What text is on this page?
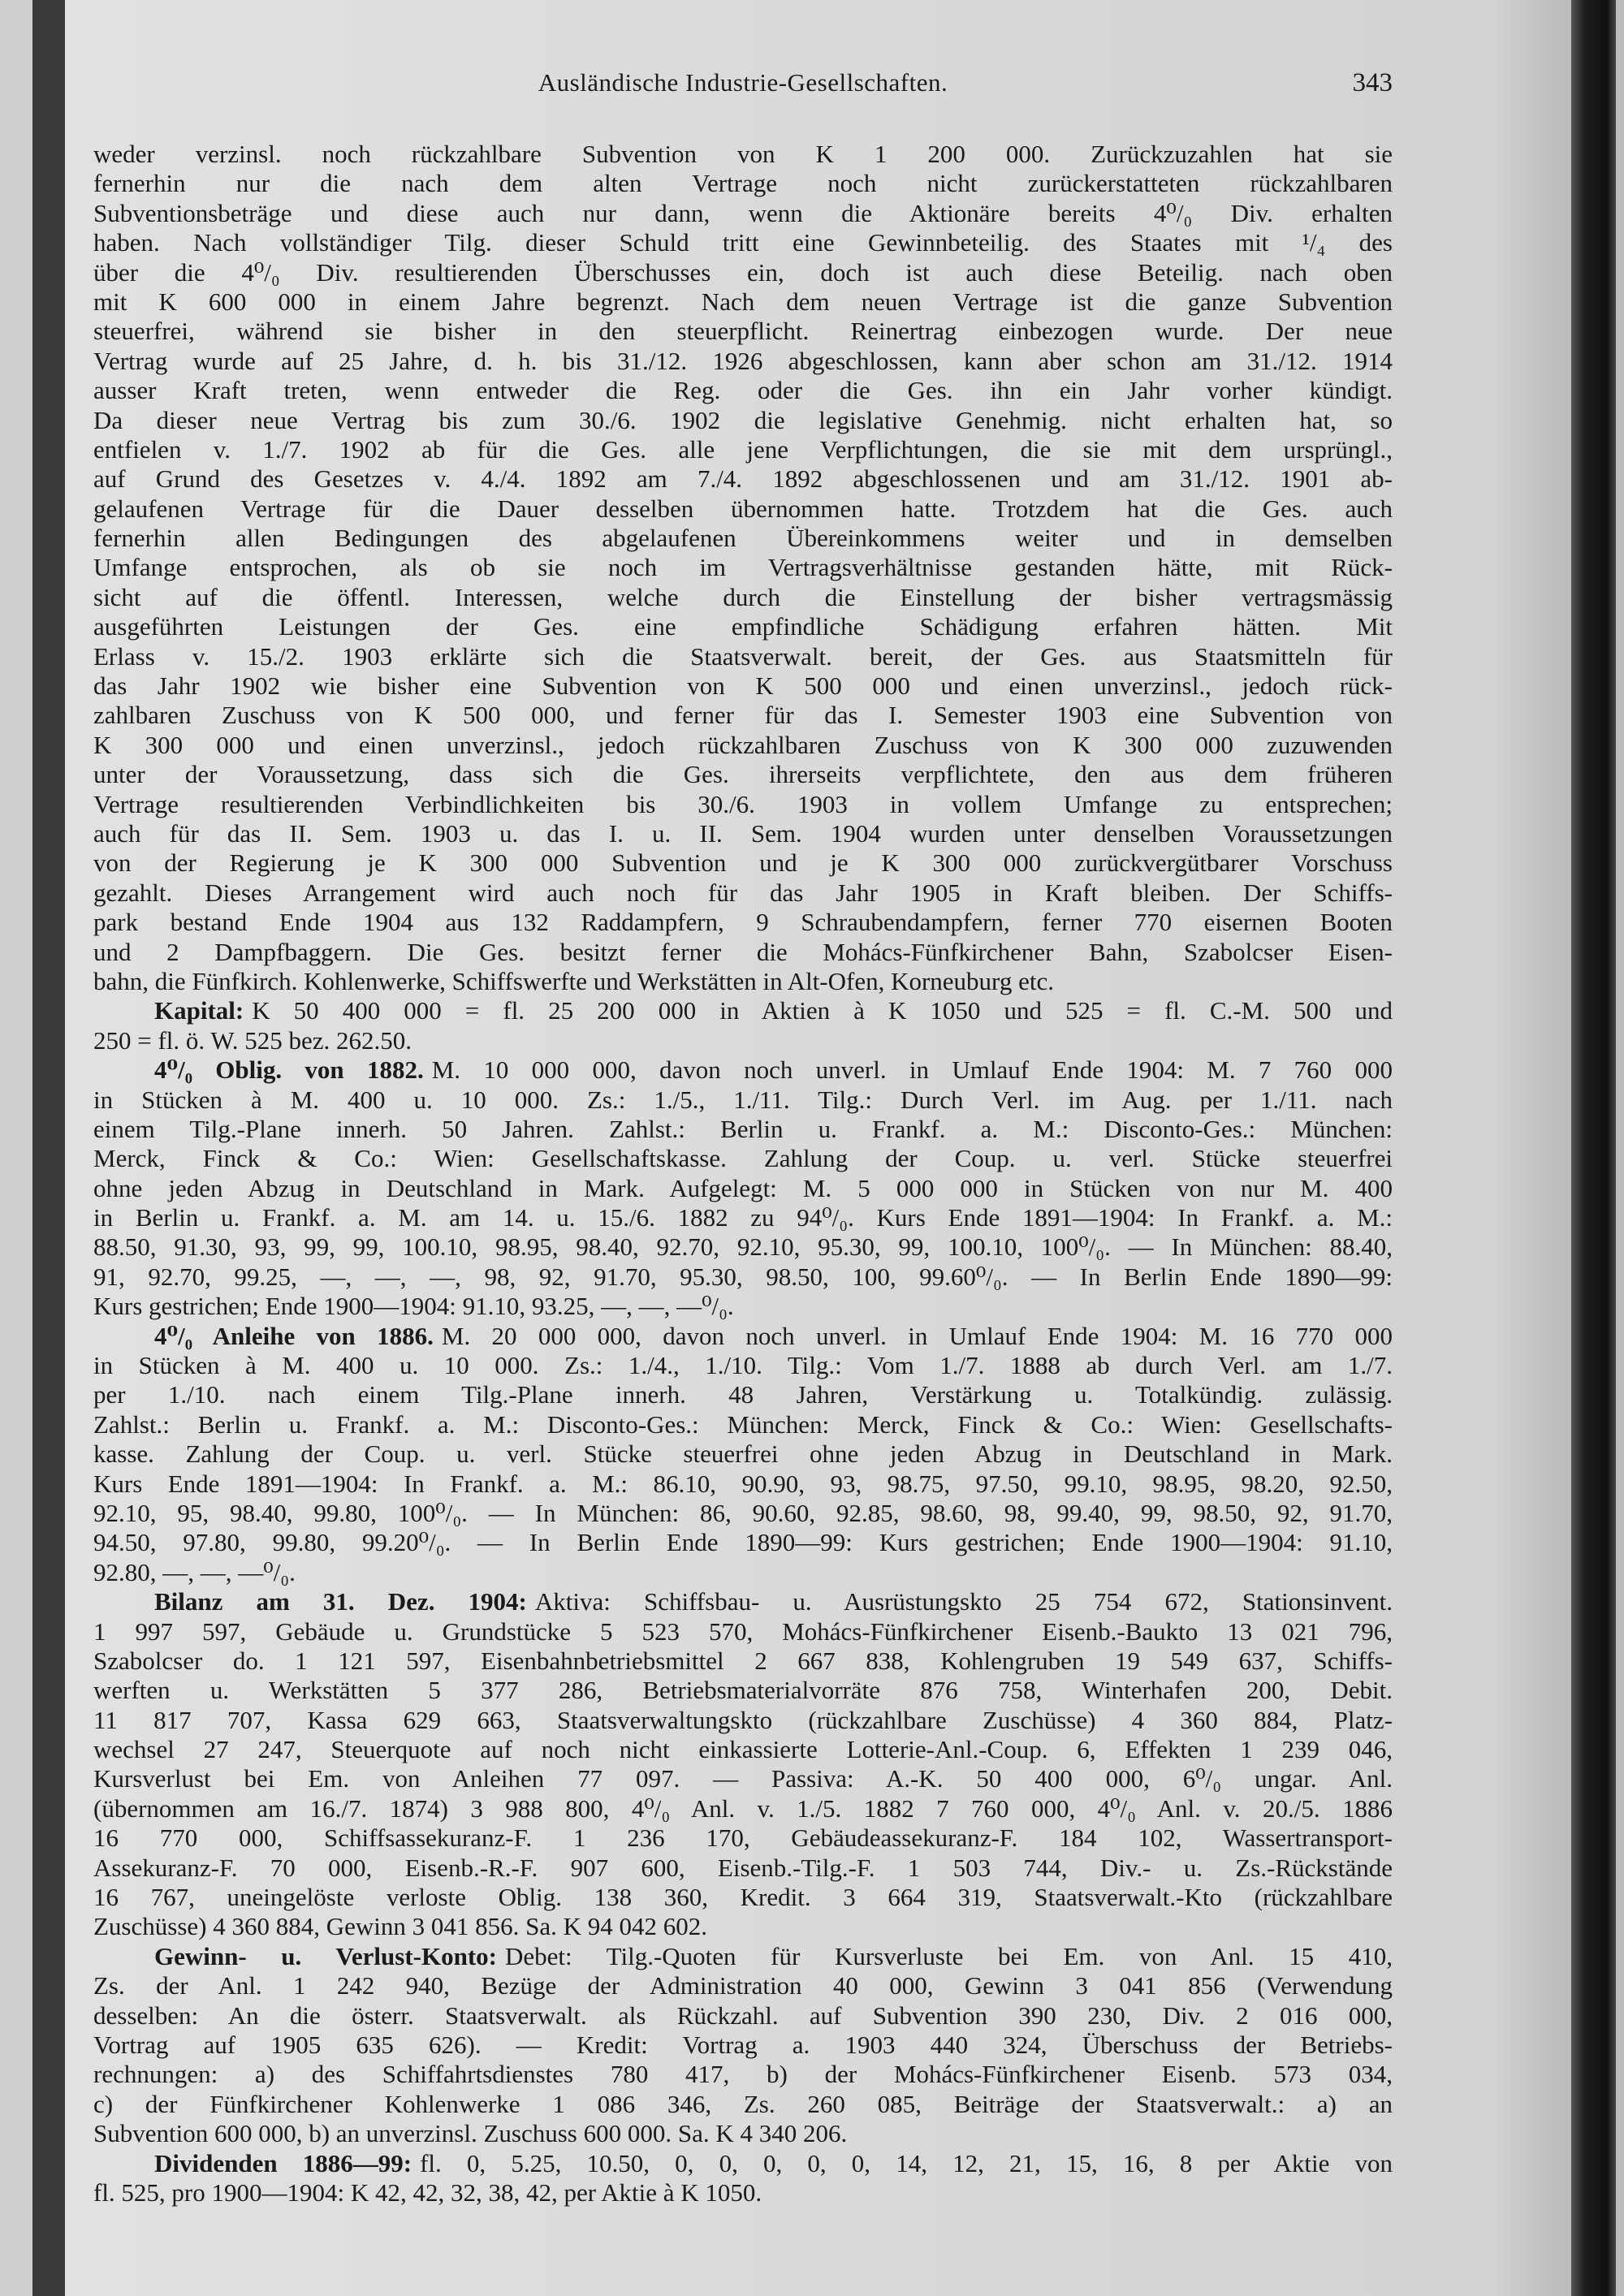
Ausländische Industrie-Gesellschaften.	343
weder verzinsl. noch rückzahlbare Subvention von K 1 200 000. Zurückzuzahlen hat sie
fernerhin nur die nach dem alten Vertrage noch nicht zurückerstatteten rückzahlbaren
Subventionsbeträge und diese auch nur dann, wenn die Aktionäre bereits 4⁰/₀ Div. erhalten
haben. Nach vollständiger Tilg. dieser Schuld tritt eine Gewinnbeteilig. des Staates mit ¹/₄ des
über die 4⁰/₀ Div. resultierenden Überschusses ein, doch ist auch diese Beteilig. nach oben
mit K 600 000 in einem Jahre begrenzt. Nach dem neuen Vertrage ist die ganze Subvention
steuerfrei, während sie bisher in den steuerpflicht. Reinertrag einbezogen wurde. Der neue
Vertrag wurde auf 25 Jahre, d. h. bis 31./12. 1926 abgeschlossen, kann aber schon am 31./12. 1914
ausser Kraft treten, wenn entweder die Reg. oder die Ges. ihn ein Jahr vorher kündigt.
Da dieser neue Vertrag bis zum 30./6. 1902 die legislative Genehmig. nicht erhalten hat, so
entfielen v. 1./7. 1902 ab für die Ges. alle jene Verpflichtungen, die sie mit dem ursprüngl.,
auf Grund des Gesetzes v. 4./4. 1892 am 7./4. 1892 abgeschlossenen und am 31./12. 1901 ab-
gelaufenen Vertrage für die Dauer desselben übernommen hatte. Trotzdem hat die Ges. auch
fernerhin allen Bedingungen des abgelaufenen Übereinkommens weiter und in demselben
Umfange entsprochen, als ob sie noch im Vertragsverhältnisse gestanden hätte, mit Rück-
sicht auf die öffentl. Interessen, welche durch die Einstellung der bisher vertragsmässig
ausgeführten Leistungen der Ges. eine empfindliche Schädigung erfahren hätten. Mit
Erlass v. 15./2. 1903 erklärte sich die Staatsverwalt. bereit, der Ges. aus Staatsmitteln für
das Jahr 1902 wie bisher eine Subvention von K 500 000 und einen unverzinsl., jedoch rück-
zahlbaren Zuschuss von K 500 000, und ferner für das I. Semester 1903 eine Subvention von
K 300 000 und einen unverzinsl., jedoch rückzahlbaren Zuschuss von K 300 000 zuzuwenden
unter der Voraussetzung, dass sich die Ges. ihrerseits verpflichtete, den aus dem früheren
Vertrage resultierenden Verbindlichkeiten bis 30./6. 1903 in vollem Umfange zu entsprechen;
auch für das II. Sem. 1903 u. das I. u. II. Sem. 1904 wurden unter denselben Voraussetzungen
von der Regierung je K 300 000 Subvention und je K 300 000 zurückvergütbarer Vorschuss
gezahlt. Dieses Arrangement wird auch noch für das Jahr 1905 in Kraft bleiben. Der Schiffs-
park bestand Ende 1904 aus 132 Raddampfern, 9 Schraubendampfern, ferner 770 eisernen Booten
und 2 Dampfbaggern. Die Ges. besitzt ferner die Mohács-Fünfkirchener Bahn, Szabolcser Eisen-
bahn, die Fünfkirch. Kohlenwerke, Schiffswerfte und Werkstätten in Alt-Ofen, Korneuburg etc.
Kapital: K 50 400 000 = fl. 25 200 000 in Aktien à K 1050 und 525 = fl. C.-M. 500 und
250 = fl. ö. W. 525 bez. 262.50.
4⁰/₀ Oblig. von 1882. M. 10 000 000, davon noch unverl. in Umlauf Ende 1904: M. 7 760 000
in Stücken à M. 400 u. 10 000. Zs.: 1./5., 1./11. Tilg.: Durch Verl. im Aug. per 1./11. nach
einem Tilg.-Plane innerh. 50 Jahren. Zahlst.: Berlin u. Frankf. a. M.: Disconto-Ges.: München:
Merck, Finck & Co.: Wien: Gesellschaftskasse. Zahlung der Coup. u. verl. Stücke steuerfrei
ohne jeden Abzug in Deutschland in Mark. Aufgelegt: M. 5 000 000 in Stücken von nur M. 400
in Berlin u. Frankf. a. M. am 14. u. 15./6. 1882 zu 94⁰/₀. Kurs Ende 1891—1904: In Frankf. a. M.:
88.50, 91.30, 93, 99, 99, 100.10, 98.95, 98.40, 92.70, 92.10, 95.30, 99, 100.10, 100⁰/₀. — In München: 88.40,
91, 92.70, 99.25, —, —, —, 98, 92, 91.70, 95.30, 98.50, 100, 99.60⁰/₀. — In Berlin Ende 1890—99:
Kurs gestrichen; Ende 1900—1904: 91.10, 93.25, —, —, —⁰/₀.
4⁰/₀ Anleihe von 1886. M. 20 000 000, davon noch unverl. in Umlauf Ende 1904: M. 16 770 000
in Stücken à M. 400 u. 10 000. Zs.: 1./4., 1./10. Tilg.: Vom 1./7. 1888 ab durch Verl. am 1./7.
per 1./10. nach einem Tilg.-Plane innerh. 48 Jahren, Verstärkung u. Totalkündig. zulässig.
Zahlst.: Berlin u. Frankf. a. M.: Disconto-Ges.: München: Merck, Finck & Co.: Wien: Gesellschafts-
kasse. Zahlung der Coup. u. verl. Stücke steuerfrei ohne jeden Abzug in Deutschland in Mark.
Kurs Ende 1891—1904: In Frankf. a. M.: 86.10, 90.90, 93, 98.75, 97.50, 99.10, 98.95, 98.20, 92.50,
92.10, 95, 98.40, 99.80, 100⁰/₀. — In München: 86, 90.60, 92.85, 98.60, 98, 99.40, 99, 98.50, 92, 91.70,
94.50, 97.80, 99.80, 99.20⁰/₀. — In Berlin Ende 1890—99: Kurs gestrichen; Ende 1900—1904: 91.10,
92.80, —, —, —⁰/₀.
Bilanz am 31. Dez. 1904: Aktiva: Schiffsbau- u. Ausrüstungskto 25 754 672, Stationsinvent.
1 997 597, Gebäude u. Grundstücke 5 523 570, Mohács-Fünfkirchener Eisenb.-Baukto 13 021 796,
Szabolcser do. 1 121 597, Eisenbahnbetriebsmittel 2 667 838, Kohlengruben 19 549 637, Schiffs-
werften u. Werkstätten 5 377 286, Betriebsmaterialvorräte 876 758, Winterhafen 200, Debit.
11 817 707, Kassa 629 663, Staatsverwaltungskto (rückzahlbare Zuschüsse) 4 360 884, Platz-
wechsel 27 247, Steuerquote auf noch nicht einkassierte Lotterie-Anl.-Coup. 6, Effekten 1 239 046,
Kursverlust bei Em. von Anleihen 77 097. — Passiva: A.-K. 50 400 000, 6⁰/₀ ungar. Anl.
(übernommen am 16./7. 1874) 3 988 800, 4⁰/₀ Anl. v. 1./5. 1882 7 760 000, 4⁰/₀ Anl. v. 20./5. 1886
16 770 000, Schiffsassekuranz-F. 1 236 170, Gebäudeassekuranz-F. 184 102, Wassertransport-
Assekuranz-F. 70 000, Eisenb.-R.-F. 907 600, Eisenb.-Tilg.-F. 1 503 744, Div.- u. Zs.-Rückstände
16 767, uneingelöste verloste Oblig. 138 360, Kredit. 3 664 319, Staatsverwalt.-Kto (rückzahlbare
Zuschüsse) 4 360 884, Gewinn 3 041 856. Sa. K 94 042 602.
Gewinn- u. Verlust-Konto: Debet: Tilg.-Quoten für Kursverluste bei Em. von Anl. 15 410,
Zs. der Anl. 1 242 940, Bezüge der Administration 40 000, Gewinn 3 041 856 (Verwendung
desselben: An die österr. Staatsverwalt. als Rückzahl. auf Subvention 390 230, Div. 2 016 000,
Vortrag auf 1905 635 626). — Kredit: Vortrag a. 1903 440 324, Überschuss der Betriebs-
rechnungen: a) des Schiffahrtsdienstes 780 417, b) der Mohács-Fünfkirchener Eisenb. 573 034,
c) der Fünfkirchener Kohlenwerke 1 086 346, Zs. 260 085, Beiträge der Staatsverwalt.: a) an
Subvention 600 000, b) an unverzinsl. Zuschuss 600 000. Sa. K 4 340 206.
Dividenden 1886—99: fl. 0, 5.25, 10.50, 0, 0, 0, 0, 0, 14, 12, 21, 15, 16, 8 per Aktie von
fl. 525, pro 1900—1904: K 42, 42, 32, 38, 42, per Aktie à K 1050.
